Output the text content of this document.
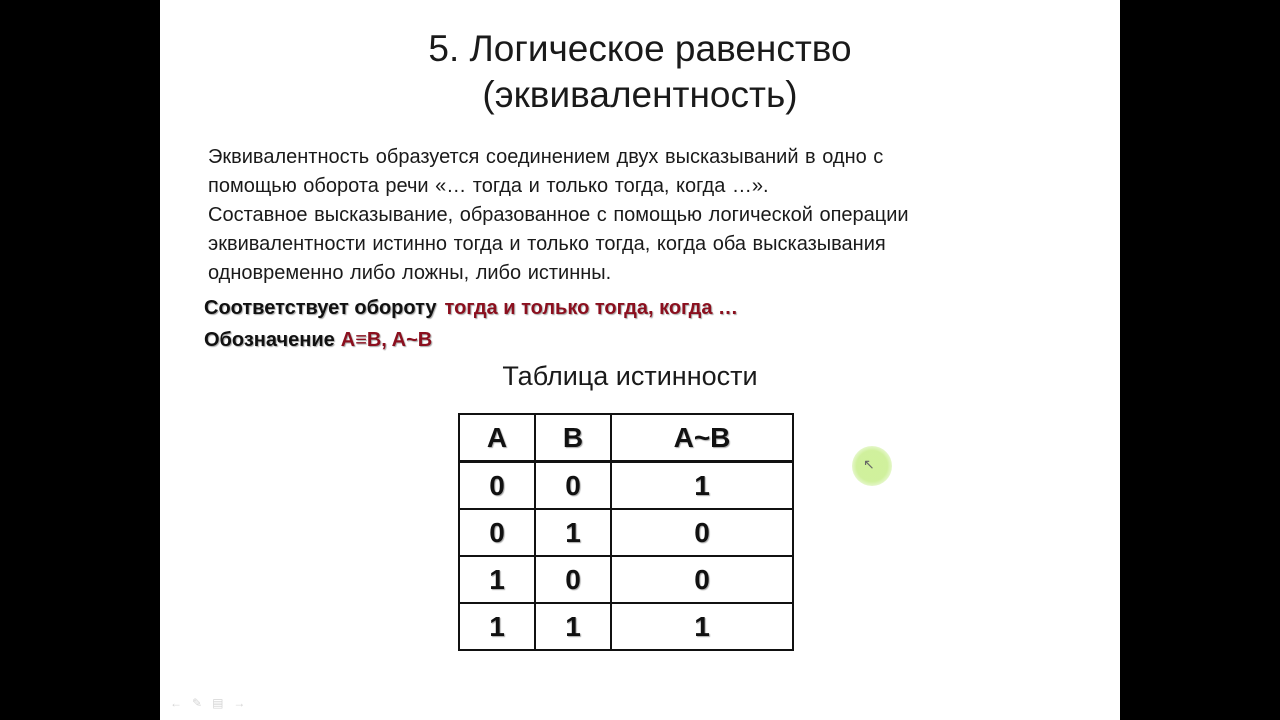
5. Логическое равенство
(эквивалентность)
Эквивалентность образуется соединением двух высказываний в одно с
помощью оборота речи «… тогда и только тогда, когда …».
Составное высказывание, образованное с помощью логической операции
эквивалентности истинно тогда и только тогда, когда оба высказывания
одновременно либо ложны, либо истинны.
Соответствует обороту тогда и только тогда, когда …
Обозначение A≡B, A~B
Таблица истинности
A	B	A~B
0	0	1
0	1	0
1	0	0
1	1	1
↖
← ✎ ▤ →
